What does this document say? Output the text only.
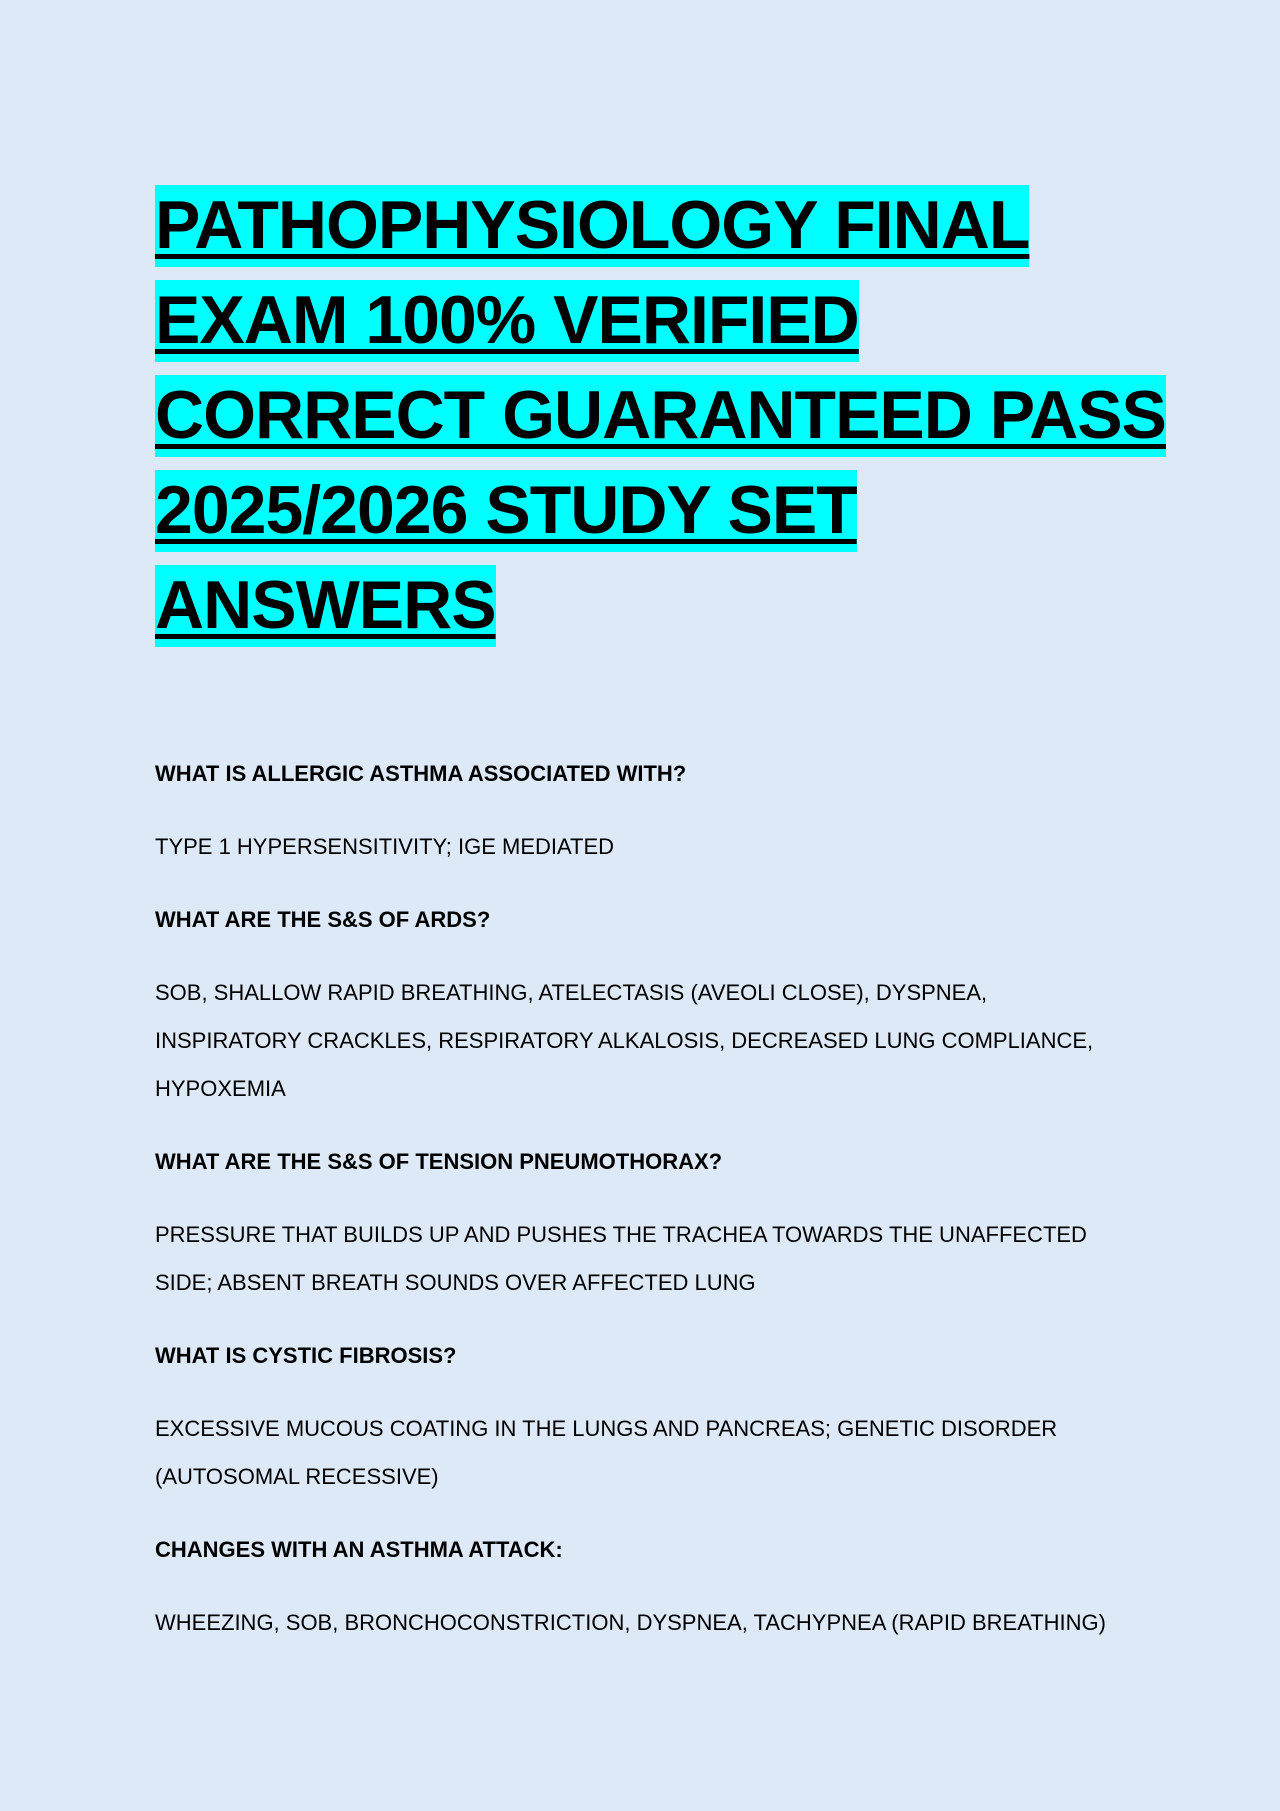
PATHOPHYSIOLOGY FINAL
EXAM 100% VERIFIED
CORRECT GUARANTEED PASS
2025/2026 STUDY SET
ANSWERS
WHAT IS ALLERGIC ASTHMA ASSOCIATED WITH?
TYPE 1 HYPERSENSITIVITY; IGE MEDIATED
WHAT ARE THE S&S OF ARDS?
SOB, SHALLOW RAPID BREATHING, ATELECTASIS (AVEOLI CLOSE), DYSPNEA, INSPIRATORY CRACKLES, RESPIRATORY ALKALOSIS, DECREASED LUNG COMPLIANCE, HYPOXEMIA
WHAT ARE THE S&S OF TENSION PNEUMOTHORAX?
PRESSURE THAT BUILDS UP AND PUSHES THE TRACHEA TOWARDS THE UNAFFECTED SIDE; ABSENT BREATH SOUNDS OVER AFFECTED LUNG
WHAT IS CYSTIC FIBROSIS?
EXCESSIVE MUCOUS COATING IN THE LUNGS AND PANCREAS; GENETIC DISORDER (AUTOSOMAL RECESSIVE)
CHANGES WITH AN ASTHMA ATTACK:
WHEEZING, SOB, BRONCHOCONSTRICTION, DYSPNEA, TACHYPNEA (RAPID BREATHING)
